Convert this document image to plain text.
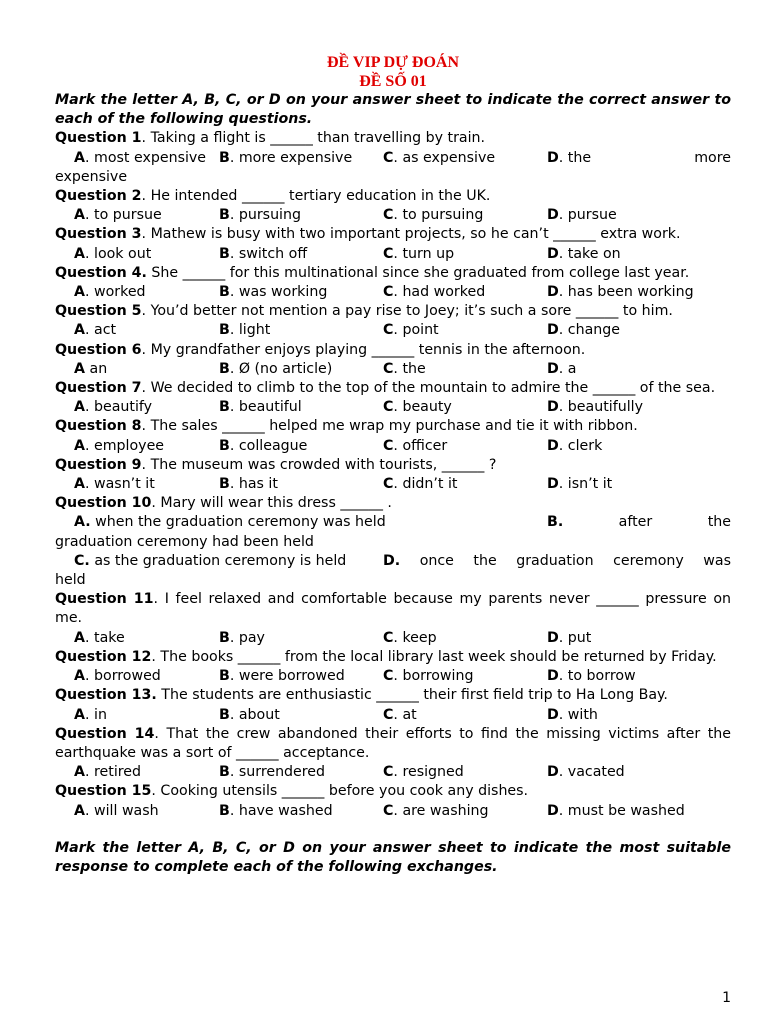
ĐỀ VIP DỰ ĐOÁN
ĐỀ SỐ 01
Mark the letter A, B, C, or D on your answer sheet to indicate the correct answer to each of the following questions.
Question 1. Taking a flight is ______ than travelling by train.
A. most expensive B. more expensive	C. as expensive	D. the	more
expensive
Question 2. He intended ______ tertiary education in the UK.
A. to pursue	B. pursuing	C. to pursuing	D. pursue
Question 3. Mathew is busy with two important projects, so he can’t ______ extra work.
A. look out	B. switch off	C. turn up	D. take on
Question 4. She ______ for this multinational since she graduated from college last year.
A. worked	B. was working	C. had worked	D. has been working
Question 5. You’d better not mention a pay rise to Joey; it’s such a sore ______ to him.
A. act	B. light	C. point	D. change
Question 6. My grandfather enjoys playing ______ tennis in the afternoon.
A an	B. Ø (no article)	C. the	D. a
Question 7. We decided to climb to the top of the mountain to admire the ______ of the sea.
A. beautify	B. beautiful	C. beauty	D. beautifully
Question 8. The sales ______ helped me wrap my purchase and tie it with ribbon.
A. employee	B. colleague	C. officer	D. clerk
Question 9. The museum was crowded with tourists, ______ ?
A. wasn’t it	B. has it	C. didn’t it	D. isn’t it
Question 10. Mary will wear this dress ______ .
A. when the graduation ceremony was held	B.	after	the
graduation ceremony had been held
C. as the graduation ceremony is held	D. once the graduation ceremony was
held
Question 11. I feel relaxed and comfortable because my parents never ______ pressure on me.
A. take	B. pay	C. keep	D. put
Question 12. The books ______ from the local library last week should be returned by Friday.
A. borrowed	B. were borrowed	C. borrowing	D. to borrow
Question 13. The students are enthusiastic ______ their first field trip to Ha Long Bay.
A. in	B. about	C. at	D. with
Question 14. That the crew abandoned their efforts to find the missing victims after the earthquake was a sort of ______ acceptance.
A. retired	B. surrendered	C. resigned	D. vacated
Question 15. Cooking utensils ______ before you cook any dishes.
A. will wash	B. have washed	C. are washing	D. must be washed
Mark the letter A, B, C, or D on your answer sheet to indicate the most suitable response to complete each of the following exchanges.
1
